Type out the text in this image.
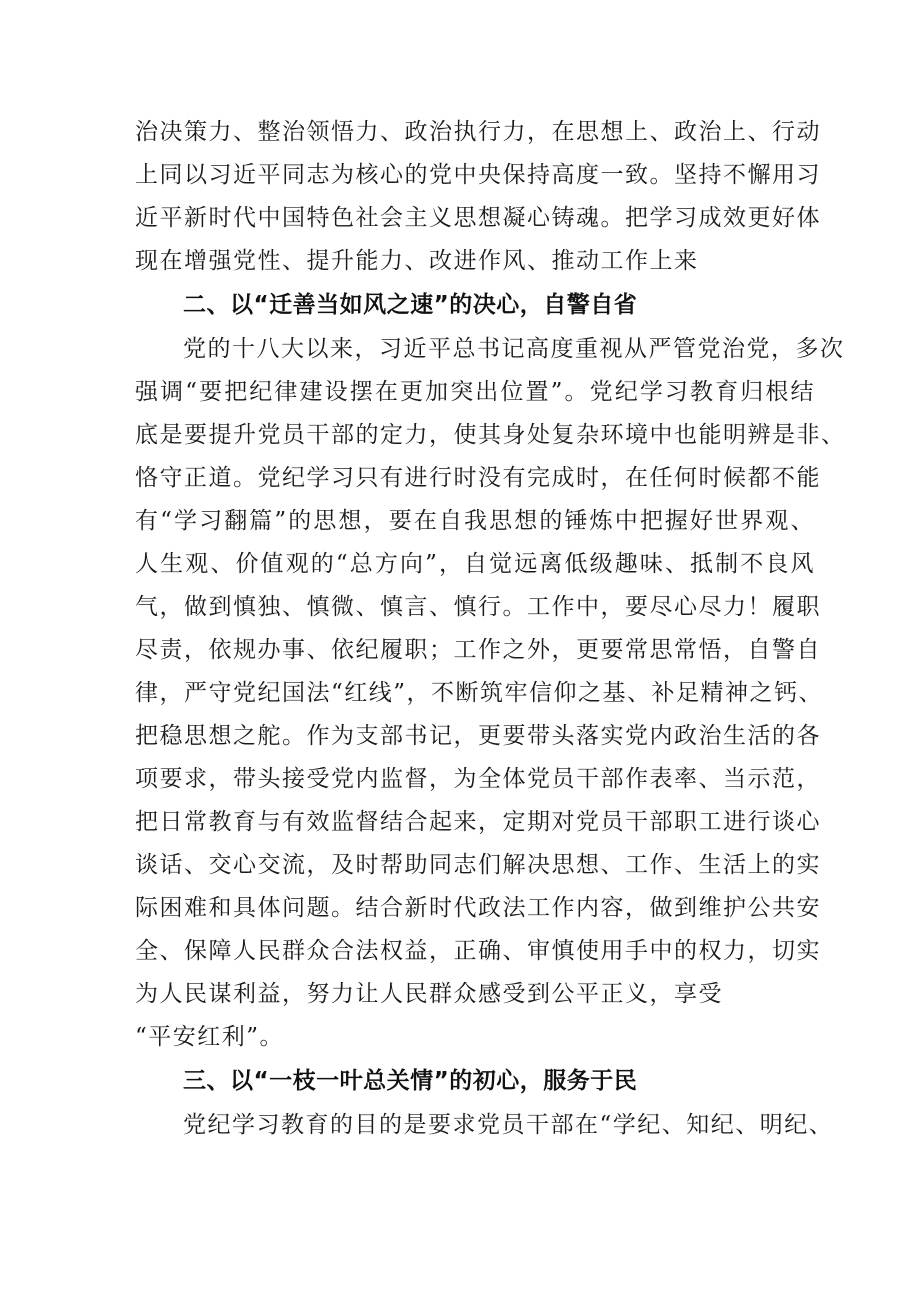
治决策力、整治领悟力、政治执行力，在思想上、政治上、行动
上同以习近平同志为核心的党中央保持高度一致。坚持不懈用习
近平新时代中国特色社会主义思想凝心铸魂。把学习成效更好体
现在增强党性、提升能力、改进作风、推动工作上来
二、以“迁善当如风之速”的决心，自警自省
党的十八大以来，习近平总书记高度重视从严管党治党，多次
强调“要把纪律建设摆在更加突出位置”。党纪学习教育归根结
底是要提升党员干部的定力，使其身处复杂环境中也能明辨是非、
恪守正道。党纪学习只有进行时没有完成时，在任何时候都不能
有“学习翻篇”的思想，要在自我思想的锤炼中把握好世界观、
人生观、价值观的“总方向”，自觉远离低级趣味、抵制不良风
气，做到慎独、慎微、慎言、慎行。工作中，要尽心尽力！履职
尽责，依规办事、依纪履职；工作之外，更要常思常悟，自警自
律，严守党纪国法“红线”，不断筑牢信仰之基、补足精神之钙、
把稳思想之舵。作为支部书记，更要带头落实党内政治生活的各
项要求，带头接受党内监督，为全体党员干部作表率、当示范，
把日常教育与有效监督结合起来，定期对党员干部职工进行谈心
谈话、交心交流，及时帮助同志们解决思想、工作、生活上的实
际困难和具体问题。结合新时代政法工作内容，做到维护公共安
全、保障人民群众合法权益，正确、审慎使用手中的权力，切实
为人民谋利益，努力让人民群众感受到公平正义，享受
“平安红利”。
三、以“一枝一叶总关情”的初心，服务于民
党纪学习教育的目的是要求党员干部在“学纪、知纪、明纪、
